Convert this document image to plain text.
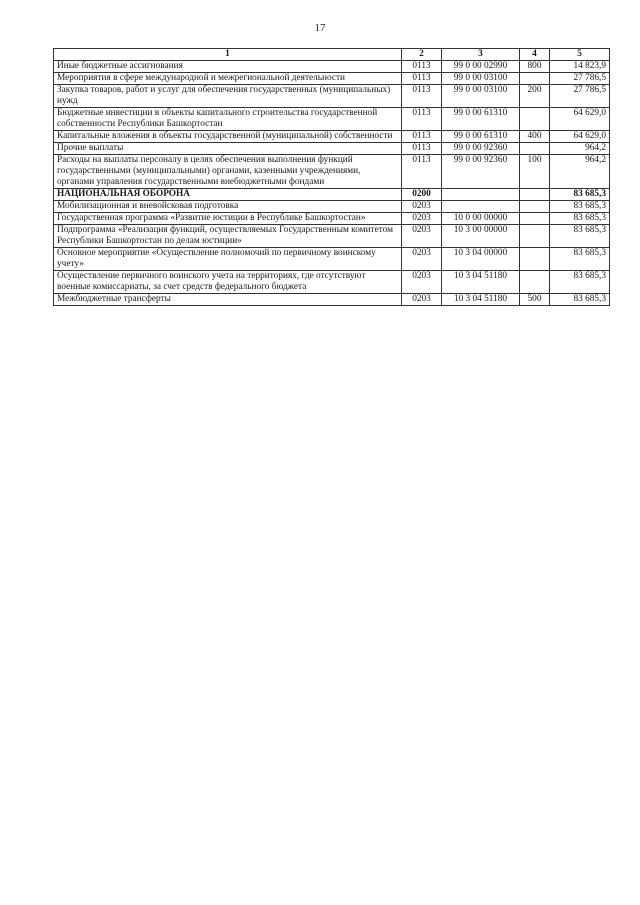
17
1	2	3	4	5
Иные бюджетные ассигнования	0113	99 0 00 02990	800	14 823,9
Мероприятия в сфере международной и межрегиональной деятельности	0113	99 0 00 03100		27 786,5
Закупка товаров, работ и услуг для обеспечения государственных (муниципальных) нужд	0113	99 0 00 03100	200	27 786,5
Бюджетные инвестиции в объекты капитального строительства государственной собственности Республики Башкортостан	0113	99 0 00 61310		64 629,0
Капитальные вложения в объекты государственной (муниципальной) собственности	0113	99 0 00 61310	400	64 629,0
Прочие выплаты	0113	99 0 00 92360		964,2
Расходы на выплаты персоналу в целях обеспечения выполнения функций государственными (муниципальными) органами, казенными учреждениями, органами управления государственными внебюджетными фондами	0113	99 0 00 92360	100	964,2
НАЦИОНАЛЬНАЯ ОБОРОНА	0200			83 685,3
Мобилизационная и вневойсковая подготовка	0203			83 685,3
Государственная программа «Развитие юстиции в Республике Башкортостан»	0203	10 0 00 00000		83 685,3
Подпрограмма «Реализация функций, осуществляемых Государственным комитетом Республики Башкортостан по делам юстиции»	0203	10 3 00 00000		83 685,3
Основное мероприятие «Осуществление полномочий по первичному воинскому учету»	0203	10 3 04 00000		83 685,3
Осуществление первичного воинского учета на территориях, где отсутствуют военные комиссариаты, за счет средств федерального бюджета	0203	10 3 04 51180		83 685,3
Межбюджетные трансферты	0203	10 3 04 51180	500	83 685,3
